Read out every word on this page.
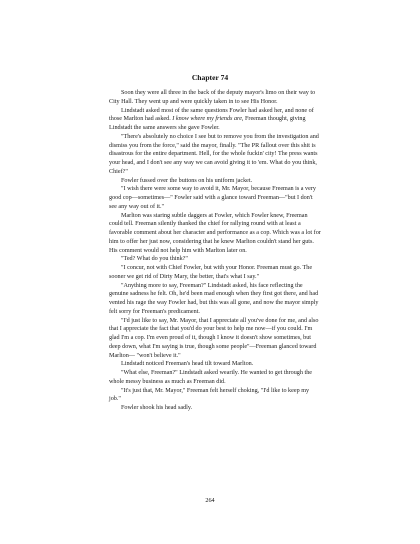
Chapter 74

Soon they were all three in the back of the deputy mayor's limo on their way to City Hall. They went up and were quickly taken in to see His Honor.

Lindstadt asked most of the same questions Fowler had asked her, and none of those Marlton had asked. I know where my friends are, Freeman thought, giving Lindstadt the same answers she gave Fowler.

"There's absolutely no choice I see but to remove you from the investigation and dismiss you from the force," said the mayor, finally. "The PR fallout over this shit is disastrous for the entire department. Hell, for the whole fuckin' city! The press wants your head, and I don't see any way we can avoid giving it to 'em. What do you think, Chief?"

Fowler fussed over the buttons on his uniform jacket.

"I wish there were some way to avoid it, Mr. Mayor, because Freeman is a very good cop—sometimes—" Fowler said with a glance toward Freeman—"but I don't see any way out of it."

Marlton was staring subtle daggers at Fowler, which Fowler knew, Freeman could tell. Freeman silently thanked the chief for rallying round with at least a favorable comment about her character and performance as a cop. Which was a lot for him to offer her just now, considering that he knew Marlton couldn't stand her guts. His comment would not help him with Marlton later on.

"Ted? What do you think?"

"I concur, not with Chief Fowler, but with your Honor. Freeman must go. The sooner we get rid of Dirty Mary, the better, that's what I say."

"Anything more to say, Freeman?" Lindstadt asked, his face reflecting the genuine sadness he felt. Oh, he'd been mad enough when they first got there, and had vented his rage the way Fowler had, but this was all gone, and now the mayor simply felt sorry for Freeman's predicament.

"I'd just like to say, Mr. Mayor, that I appreciate all you've done for me, and also that I appreciate the fact that you'd do your best to help me now—if you could. I'm glad I'm a cop. I'm even proud of it, though I know it doesn't show sometimes, but deep down, what I'm saying is true, though some people"—Freeman glanced toward Marlton— "won't believe it."

Lindstadt noticed Freeman's head tilt toward Marlton.

"What else, Freeman?" Lindstadt asked wearily. He wanted to get through the whole messy business as much as Freeman did.

"It's just that, Mr. Mayor," Freeman felt herself choking, "I'd like to keep my job."

Fowler shook his head sadly.

264
